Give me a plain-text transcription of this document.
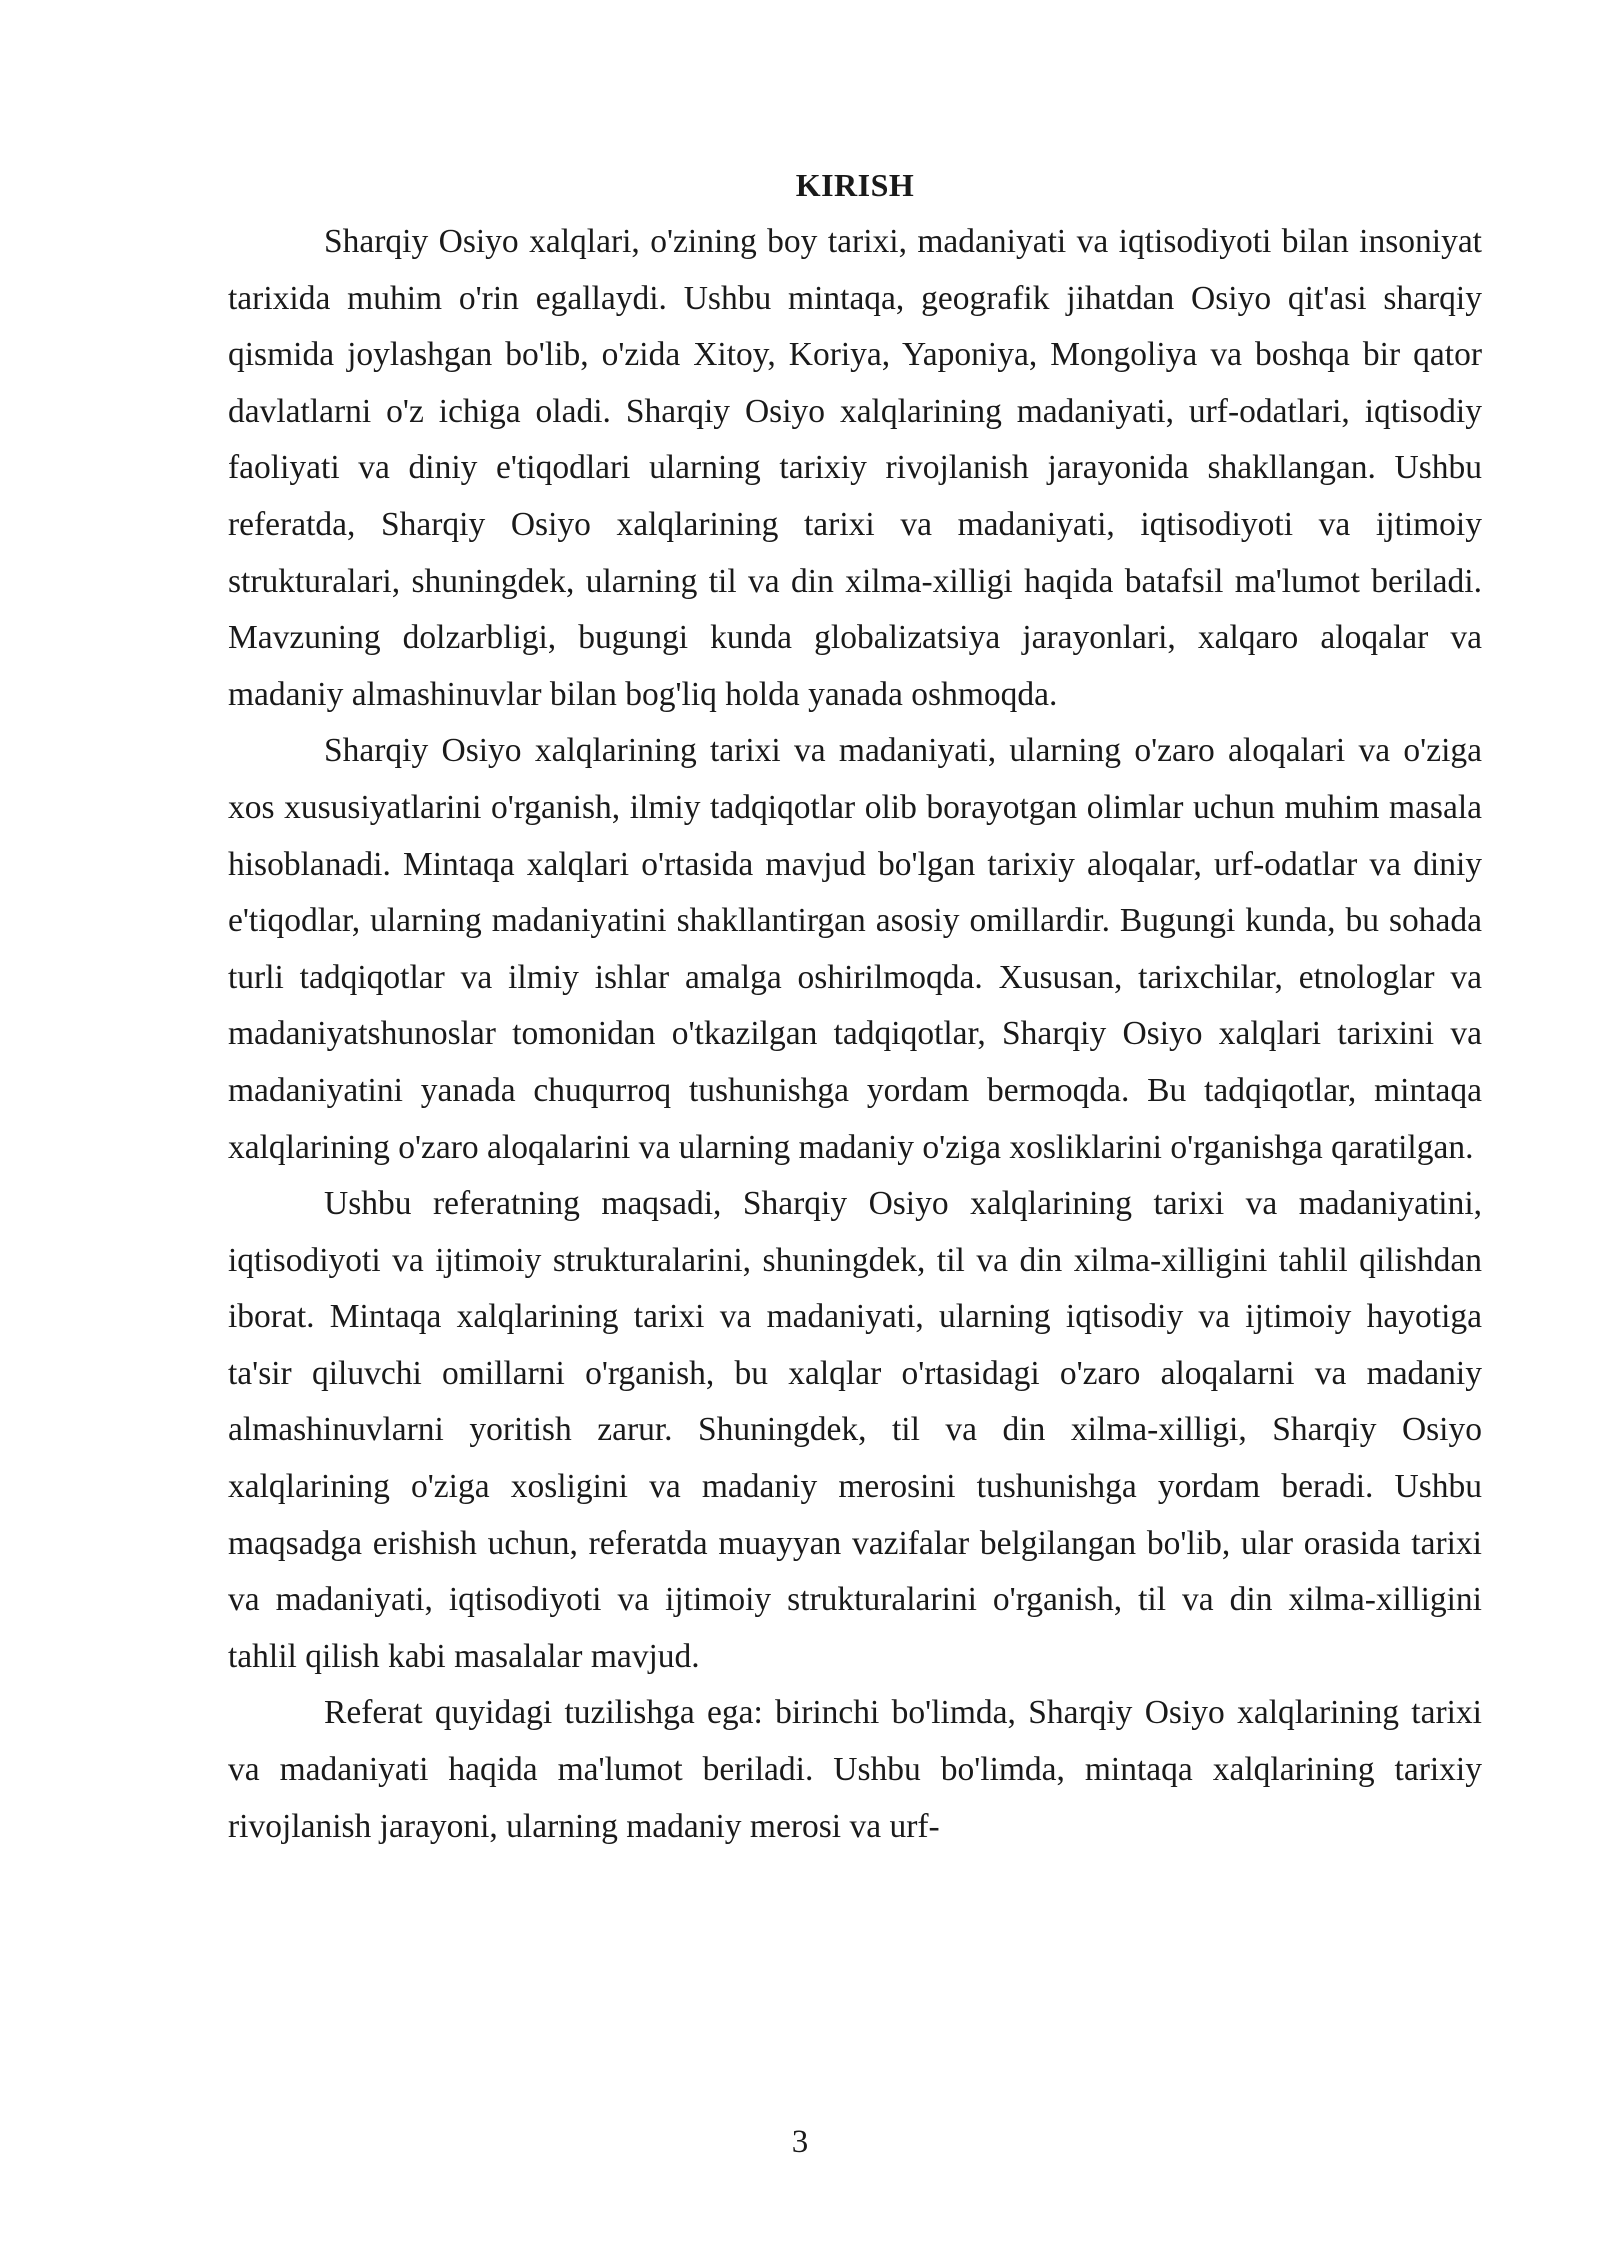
KIRISH

Sharqiy Osiyo xalqlari, o'zining boy tarixi, madaniyati va iqtisodiyoti bilan insoniyat tarixida muhim o'rin egallaydi. Ushbu mintaqa, geografik jihatdan Osiyo qit'asi sharqiy qismida joylashgan bo'lib, o'zida Xitoy, Koriya, Yaponiya, Mongoliya va boshqa bir qator davlatlarni o'z ichiga oladi. Sharqiy Osiyo xalqlarining madaniyati, urf-odatlari, iqtisodiy faoliyati va diniy e'tiqodlari ularning tarixiy rivojlanish jarayonida shakllangan. Ushbu referatda, Sharqiy Osiyo xalqlarining tarixi va madaniyati, iqtisodiyoti va ijtimoiy strukturalari, shuningdek, ularning til va din xilma-xilligi haqida batafsil ma'lumot beriladi. Mavzuning dolzarbligi, bugungi kunda globalizatsiya jarayonlari, xalqaro aloqalar va madaniy almashinuvlar bilan bog'liq holda yanada oshmoqda.

Sharqiy Osiyo xalqlarining tarixi va madaniyati, ularning o'zaro aloqalari va o'ziga xos xususiyatlarini o'rganish, ilmiy tadqiqotlar olib borayotgan olimlar uchun muhim masala hisoblanadi. Mintaqa xalqlari o'rtasida mavjud bo'lgan tarixiy aloqalar, urf-odatlar va diniy e'tiqodlar, ularning madaniyatini shakllantirgan asosiy omillardir. Bugungi kunda, bu sohada turli tadqiqotlar va ilmiy ishlar amalga oshirilmoqda. Xususan, tarixchilar, etnologlar va madaniyatshunoslar tomonidan o'tkazilgan tadqiqotlar, Sharqiy Osiyo xalqlari tarixini va madaniyatini yanada chuqurroq tushunishga yordam bermoqda. Bu tadqiqotlar, mintaqa xalqlarining o'zaro aloqalarini va ularning madaniy o'ziga xosliklarini o'rganishga qaratilgan.

Ushbu referatning maqsadi, Sharqiy Osiyo xalqlarining tarixi va madaniyatini, iqtisodiyoti va ijtimoiy strukturalarini, shuningdek, til va din xilma-xilligini tahlil qilishdan iborat. Mintaqa xalqlarining tarixi va madaniyati, ularning iqtisodiy va ijtimoiy hayotiga ta'sir qiluvchi omillarni o'rganish, bu xalqlar o'rtasidagi o'zaro aloqalarni va madaniy almashinuvlarni yoritish zarur. Shuningdek, til va din xilma-xilligi, Sharqiy Osiyo xalqlarining o'ziga xosligini va madaniy merosini tushunishga yordam beradi. Ushbu maqsadga erishish uchun, referatda muayyan vazifalar belgilangan bo'lib, ular orasida tarixi va madaniyati, iqtisodiyoti va ijtimoiy strukturalarini o'rganish, til va din xilma-xilligini tahlil qilish kabi masalalar mavjud.

Referat quyidagi tuzilishga ega: birinchi bo'limda, Sharqiy Osiyo xalqlarining tarixi va madaniyati haqida ma'lumot beriladi. Ushbu bo'limda, mintaqa xalqlarining tarixiy rivojlanish jarayoni, ularning madaniy merosi va urf-

3
